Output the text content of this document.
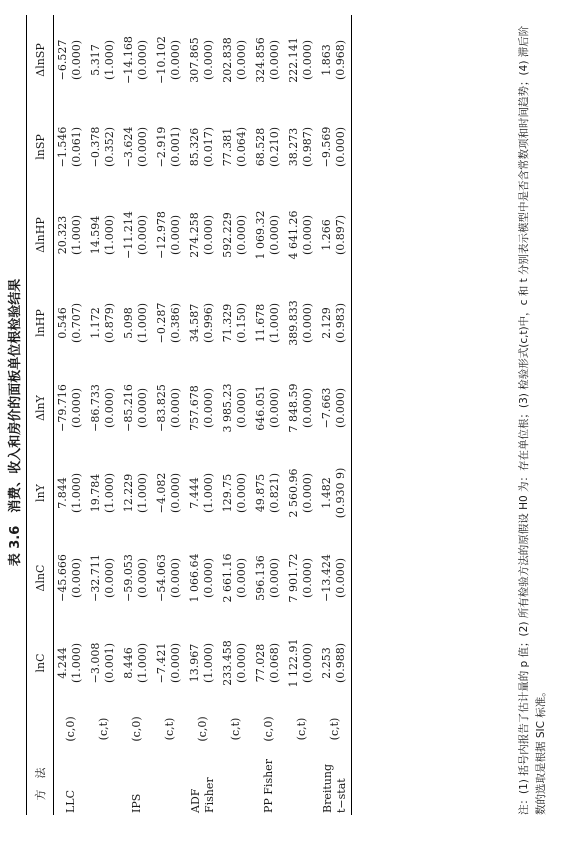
表 3.6　消费、收入和房价的面板单位根检验结果
方　法		lnC	ΔlnC	lnY	ΔlnY	lnHP	ΔlnHP	lnSP	ΔlnSP
LLC	(c,0)	4.244 (1.000)	−45.666 (0.000)	7.844 (1.000)	−79.716 (0.000)	0.546 (0.707)	20.323 (1.000)	−1.546 (0.061)	−6.527 (0.000)

	(c,t)	−3.008 (0.001)	−32.711 (0.000)	19.784 (1.000)	−86.733 (0.000)	1.172 (0.879)	14.594 (1.000)	−0.378 (0.352)	5.317 (1.000)

IPS	(c,0)	8.446 (1.000)	−59.053 (0.000)	12.229 (1.000)	−85.216 (0.000)	5.098 (1.000)	−11.214 (0.000)	−3.624 (0.000)	−14.168 (0.000)

	(c,t)	−7.421 (0.000)	−54.063 (0.000)	−4.082 (0.000)	−83.825 (0.000)	−0.287 (0.386)	−12.978 (0.000)	−2.919 (0.001)	−10.102 (0.000)

ADF Fisher	(c,0)	13.967 (1.000)	1 066.64 (0.000)	7.444 (1.000)	757.678 (0.000)	34.587 (0.996)	274.258 (0.000)	85.326 (0.017)	307.865 (0.000)

	(c,t)	233.458 (0.000)	2 661.16 (0.000)	129.75 (0.000)	3 985.23 (0.000)	71.329 (0.150)	592.229 (0.000)	77.381 (0.064)	202.838 (0.000)

PP Fisher	(c,0)	77.028 (0.068)	596.136 (0.000)	49.875 (0.821)	646.051 (0.000)	11.678 (1.000)	1 069.32 (0.000)	68.528 (0.210)	324.856 (0.000)

	(c,t)	1 122.91 (0.000)	7 901.72 (0.000)	2 560.96 (0.000)	7 848.59 (0.000)	389.833 (0.000)	4 641.26 (0.000)	38.273 (0.987)	222.141 (0.000)

Breitung t−stat	(c,t)	2.253 (0.988)	−13.424 (0.000)	1.482 (0.930 9)	−7.663 (0.000)	2.129 (0.983)	1.266 (0.897)	−9.569 (0.000)	1.863 (0.968)	注：(1) 括号内报告了估计量的 p 值；(2) 所有检验方法的原假设 H0 为：存在单位根；(3) 检验形式(c,t)中，c 和 t 分别表示模型中是否含常数项和时间趋势；(4) 滞后阶数的选取是根据 SIC 标准。
